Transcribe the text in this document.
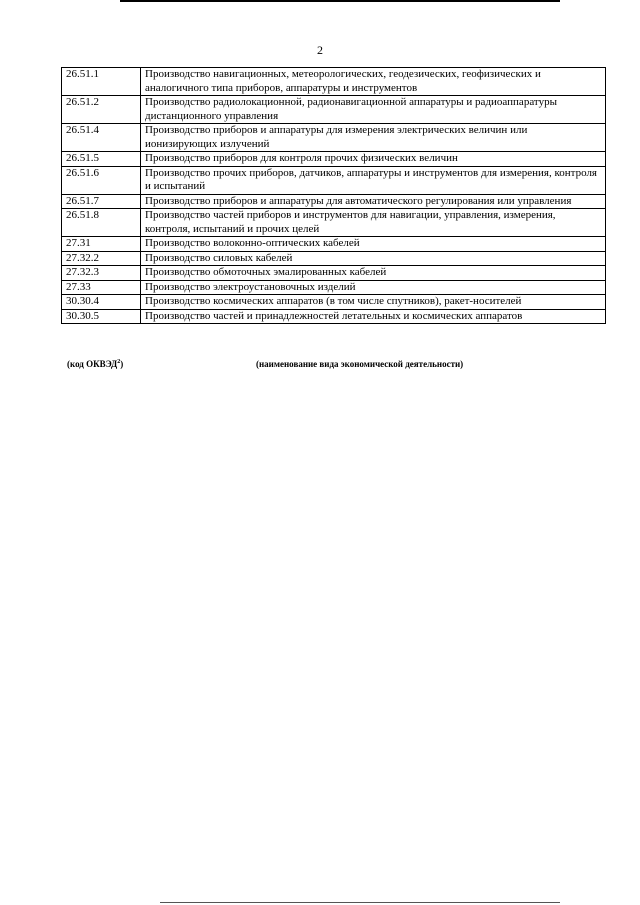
2
26.51.1	Производство навигационных, метеорологических, геодезических, геофизических и аналогичного типа приборов, аппаратуры и инструментов
26.51.2	Производство радиолокационной, радионавигационной аппаратуры и радиоаппаратуры дистанционного управления
26.51.4	Производство приборов и аппаратуры для измерения электрических величин или ионизирующих излучений
26.51.5	Производство приборов для контроля прочих физических величин
26.51.6	Производство прочих приборов, датчиков, аппаратуры и инструментов для измерения, контроля и испытаний
26.51.7	Производство приборов и аппаратуры для автоматического регулирования или управления
26.51.8	Производство частей приборов и инструментов для навигации, управления, измерения, контроля, испытаний и прочих целей
27.31	Производство волоконно-оптических кабелей
27.32.2	Производство силовых кабелей
27.32.3	Производство обмоточных эмалированных кабелей
27.33	Производство электроустановочных изделий
30.30.4	Производство космических аппаратов (в том числе спутников), ракет-носителей
30.30.5	Производство частей и принадлежностей летательных и космических аппаратов
(код ОКВЭД$^2$)	(наименование вида экономической деятельности)
